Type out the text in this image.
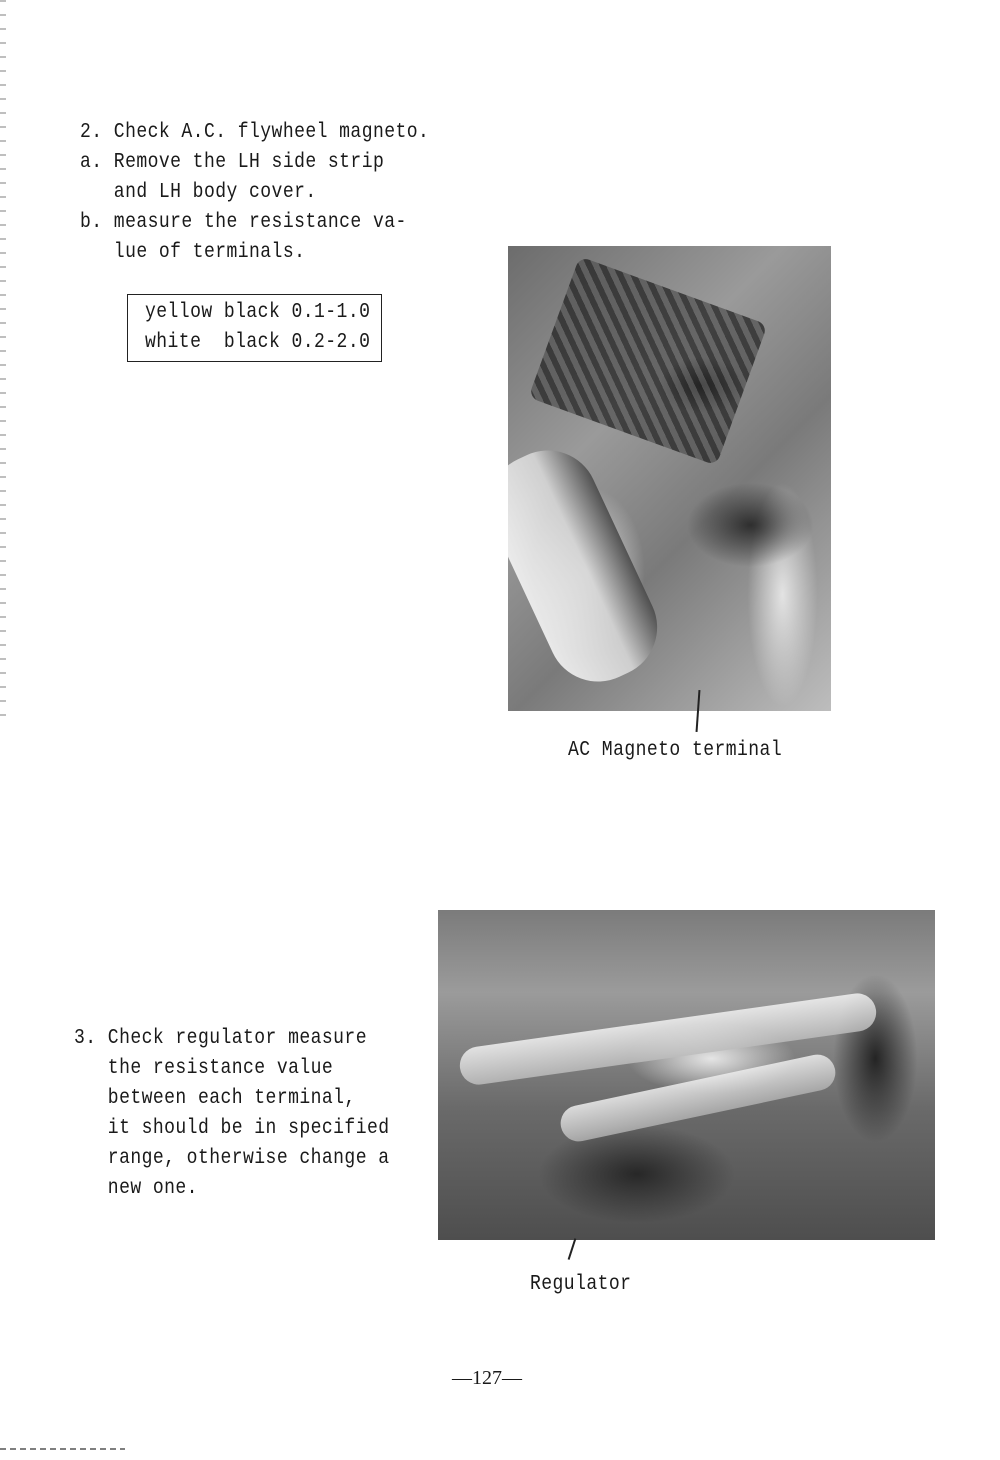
2. Check A.C. flywheel magneto.
a. Remove the LH side strip
and LH body cover.
b. measure the resistance va-
lue of terminals.
yellow black 0.1-1.0
white  black 0.2-2.0
AC Magneto terminal
3. Check regulator measure
the resistance value
between each terminal,
it should be in specified
range, otherwise change a
new one.
Regulator
—127—
